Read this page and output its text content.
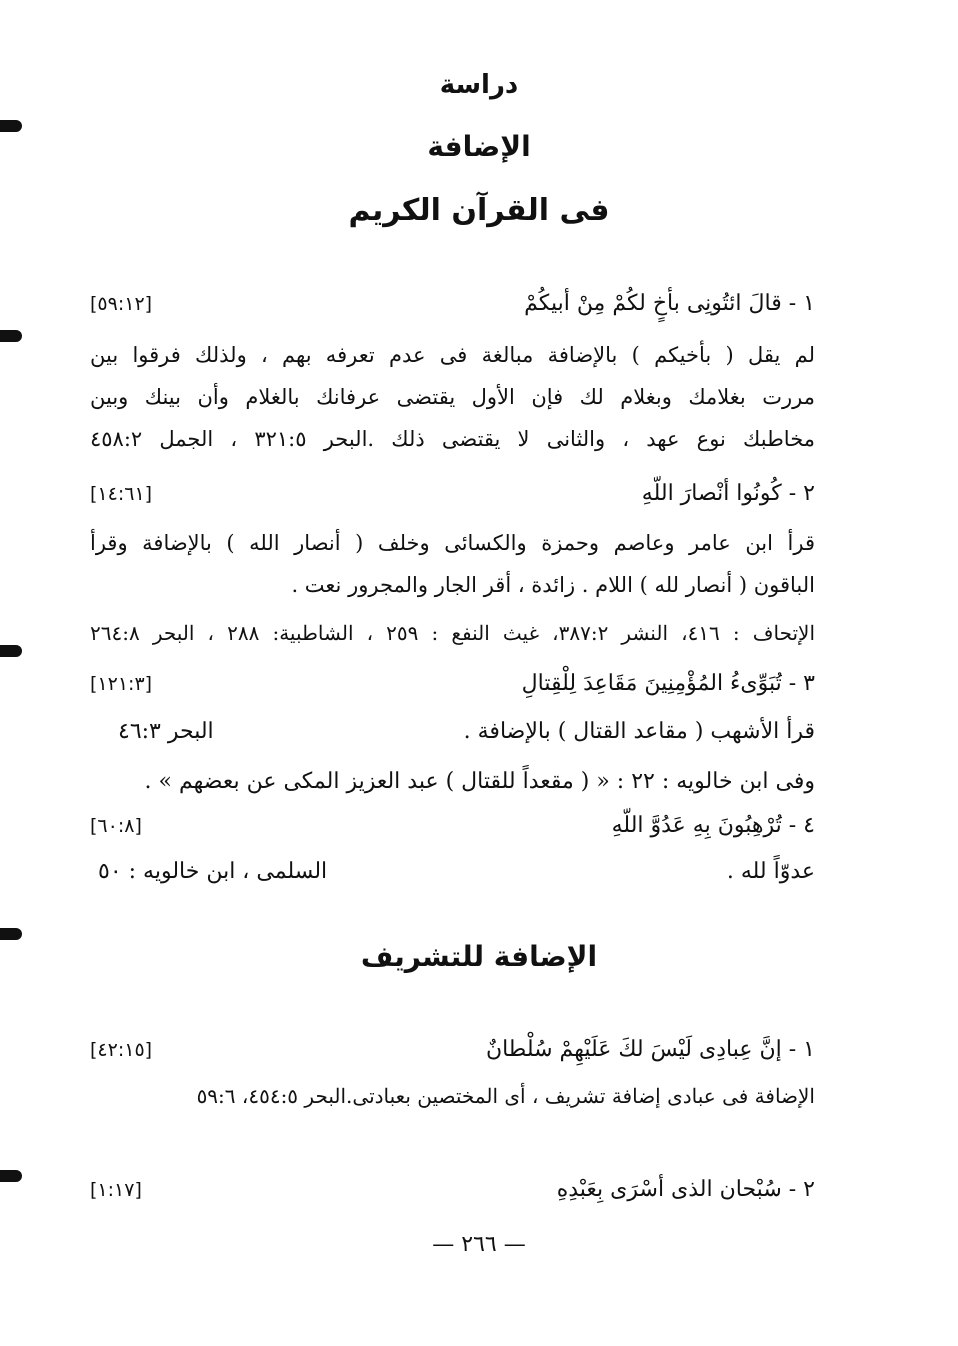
دراسة
الإضافة
فى القرآن الكريم
١ - قالَ ائتُونِى بأخٍ لكُمْ مِنْ أبيكُمْ
[٥٩:١٢]
لم يقل ( بأخيكم ) بالإضافة مبالغة فى عدم تعرفه بهم ، ولذلك فرقوا بين
مررت بغلامك وبغلام لك فإن الأول يقتضى عرفانك بالغلام وأن بينك وبين
مخاطبك نوع عهد ، والثانى لا يقتضى ذلك .البحر ٣٢١:٥ ، الجمل ٤٥٨:٢
٢ - كُونُوا أنْصارَ اللّهِ
[١٤:٦١]
قرأ ابن عامر وعاصم وحمزة والكسائى وخلف ( أنصار الله ) بالإضافة وقرأ
الباقون ( أنصار لله ) اللام . زائدة ، أقر الجار والمجرور نعت .
الإتحاف : ٤١٦، النشر ٣٨٧:٢، غيث النفع : ٢٥٩ ، الشاطبية: ٢٨٨ ، البحر ٢٦٤:٨
٣ - تُبَوِّىءُ المُؤْمِنِينَ مَقَاعِدَ لِلْقِتالِ
[١٢١:٣]
قرأ الأشهب ( مقاعد القتال ) بالإضافة .
البحر ٤٦:٣
وفى ابن خالويه : ٢٢ : « ( مقعداً للقتال ) عبد العزيز المكى عن بعضهم » .
٤ - تُرْهِبُونَ بِهِ عَدُوَّ اللّهِ
[٦٠:٨]
عدوّاً لله .
السلمى ، ابن خالويه : ٥٠
الإضافة للتشريف
١ - إنَّ عِبادِى لَيْسَ لكَ عَلَيْهِمْ سُلْطانٌ
[٤٢:١٥]
الإضافة فى عبادى إضافة تشريف ، أى المختصين بعبادتى.البحر ٤٥٤:٥، ٥٩:٦
٢ - سُبْحان الذى أسْرَى بِعَبْدِهِ
[١:١٧]
— ٢٦٦ —
